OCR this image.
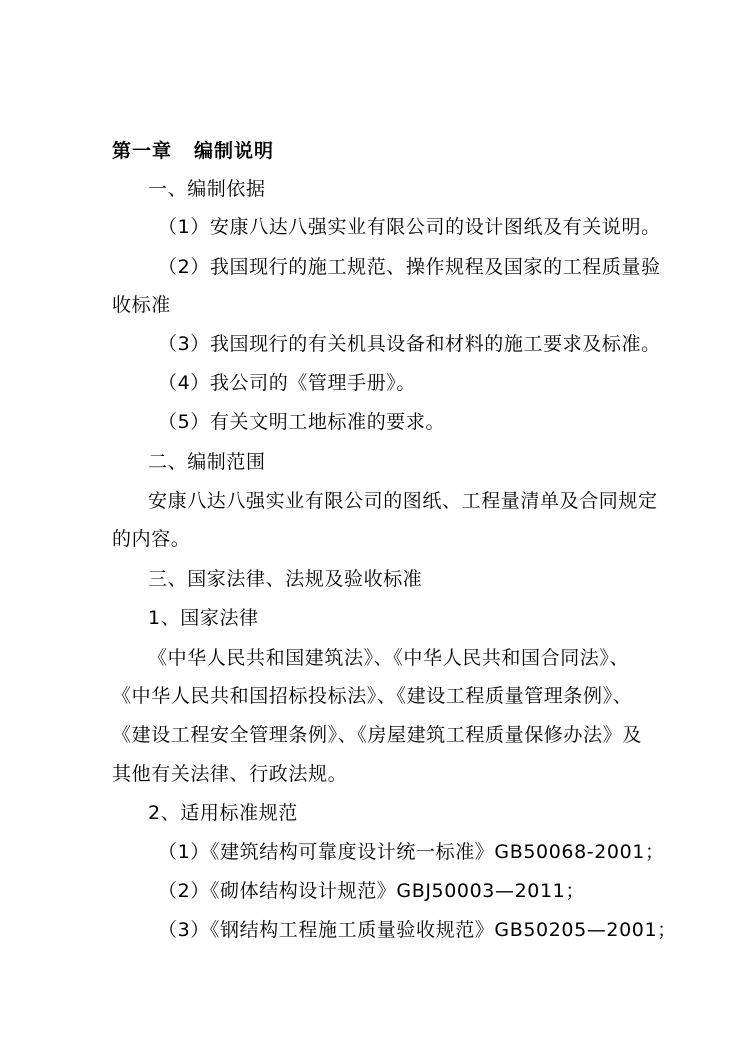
第一章 编制说明
一、编制依据
（1）安康八达八强实业有限公司的设计图纸及有关说明。
（2）我国现行的施工规范、操作规程及国家的工程质量验
收标准
（3）我国现行的有关机具设备和材料的施工要求及标准。
（4）我公司的《管理手册》。
（5）有关文明工地标准的要求。
二、编制范围
安康八达八强实业有限公司的图纸、工程量清单及合同规定
的内容。
三、国家法律、法规及验收标准
1、国家法律
《中华人民共和国建筑法》、《中华人民共和国合同法》、
《中华人民共和国招标投标法》、《建设工程质量管理条例》、
《建设工程安全管理条例》、《房屋建筑工程质量保修办法》及
其他有关法律、行政法规。
2、适用标准规范
（1）《建筑结构可靠度设计统一标准》GB50068-2001；
（2）《砌体结构设计规范》GBJ50003—2011；
（3）《钢结构工程施工质量验收规范》GB50205—2001；
